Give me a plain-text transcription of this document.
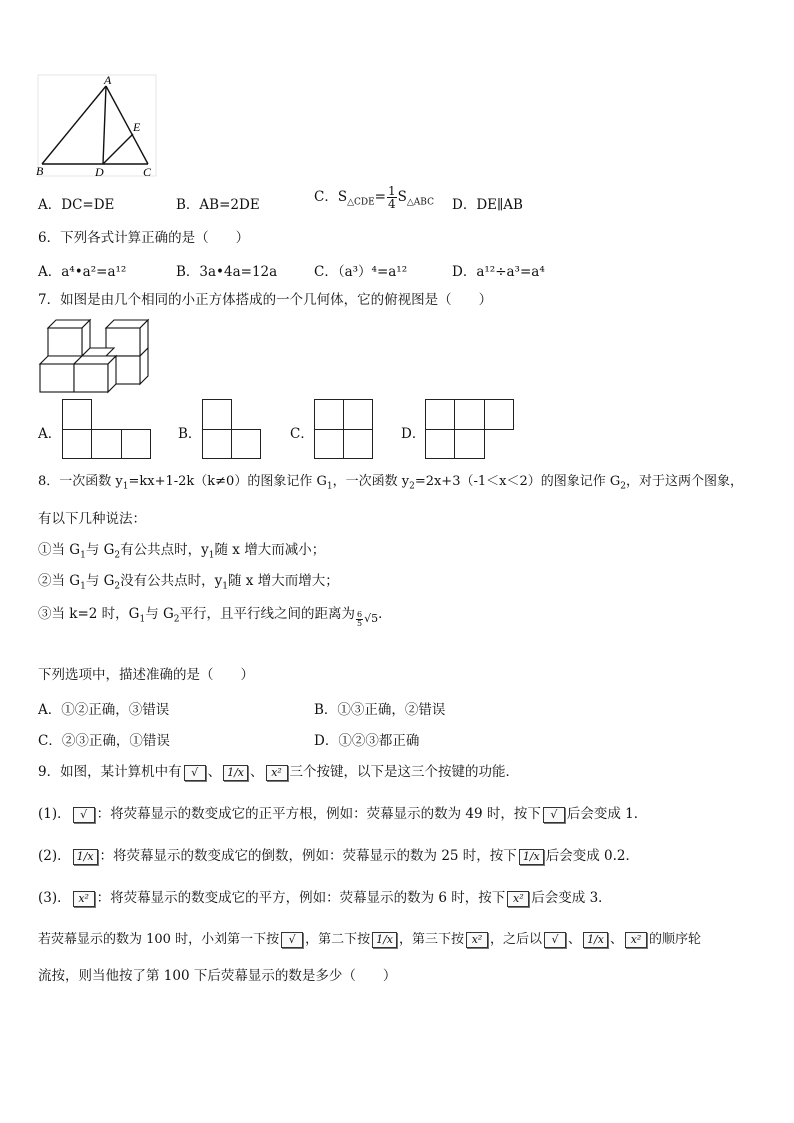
A
B	D	C
E
A．DC=DE	B．AB=2DE	C．$S_{\triangle CDE}= \frac{1}{4} S_{\triangle ABC}$ D．DE∥AB
6．下列各式计算正确的是（　　）
A．a⁴•a²=a¹²	B．3a•4a=12a	C．（a³）⁴=a¹²	D．a¹²÷a³=a⁴
7．如图是由几个相同的小正方体搭成的一个几何体，它的俯视图是（　　）
A．	B．	C．	D．
8．一次函数 $y_1=kx+1-2k(k\ne 0)$的图象记作 $G_1$，一次函数 $y_2=2x+3(-1<x<2)$的图象记作 $G_2$，对于这两个图象，
有以下几种说法：
①当 $G_1$与 $G_2$有公共点时，$y_1$随 x 增大而减小；
②当 $G_1$与 $G_2$没有公共点时，$y_1$随 x 增大而增大；
③当 k=2 时，$G_1$与 $G_2$平行，且平行线之间的距离为 $\frac{6}{5} _{√5}$．
下列选项中，描述准确的是（　　）
A．①②正确，③错误	B．①③正确，②错误
C．②③正确，①错误	D．①②③都正确
9．如图，某计算机中有 √ 、 1/x 、 x² 三个按键，以下是这三个按键的功能．
(1)． √ ：将荧幕显示的数变成它的正平方根，例如：荧幕显示的数为 49 时，按下 √ 后会变成 1．
(2)． 1/x ：将荧幕显示的数变成它的倒数，例如：荧幕显示的数为 25 时，按下 1/x 后会变成 0.2．
(3)． x² ：将荧幕显示的数变成它的平方，例如：荧幕显示的数为 6 时，按下 x² 后会变成 3．
若荧幕显示的数为 100 时，小刘第一下按 √ ，第二下按 1/x ，第三下按 x² ，之后以 √ 、 1/x 、 x² 的顺序轮
流按，则当他按了第 100 下后荧幕显示的数是多少（　　）
